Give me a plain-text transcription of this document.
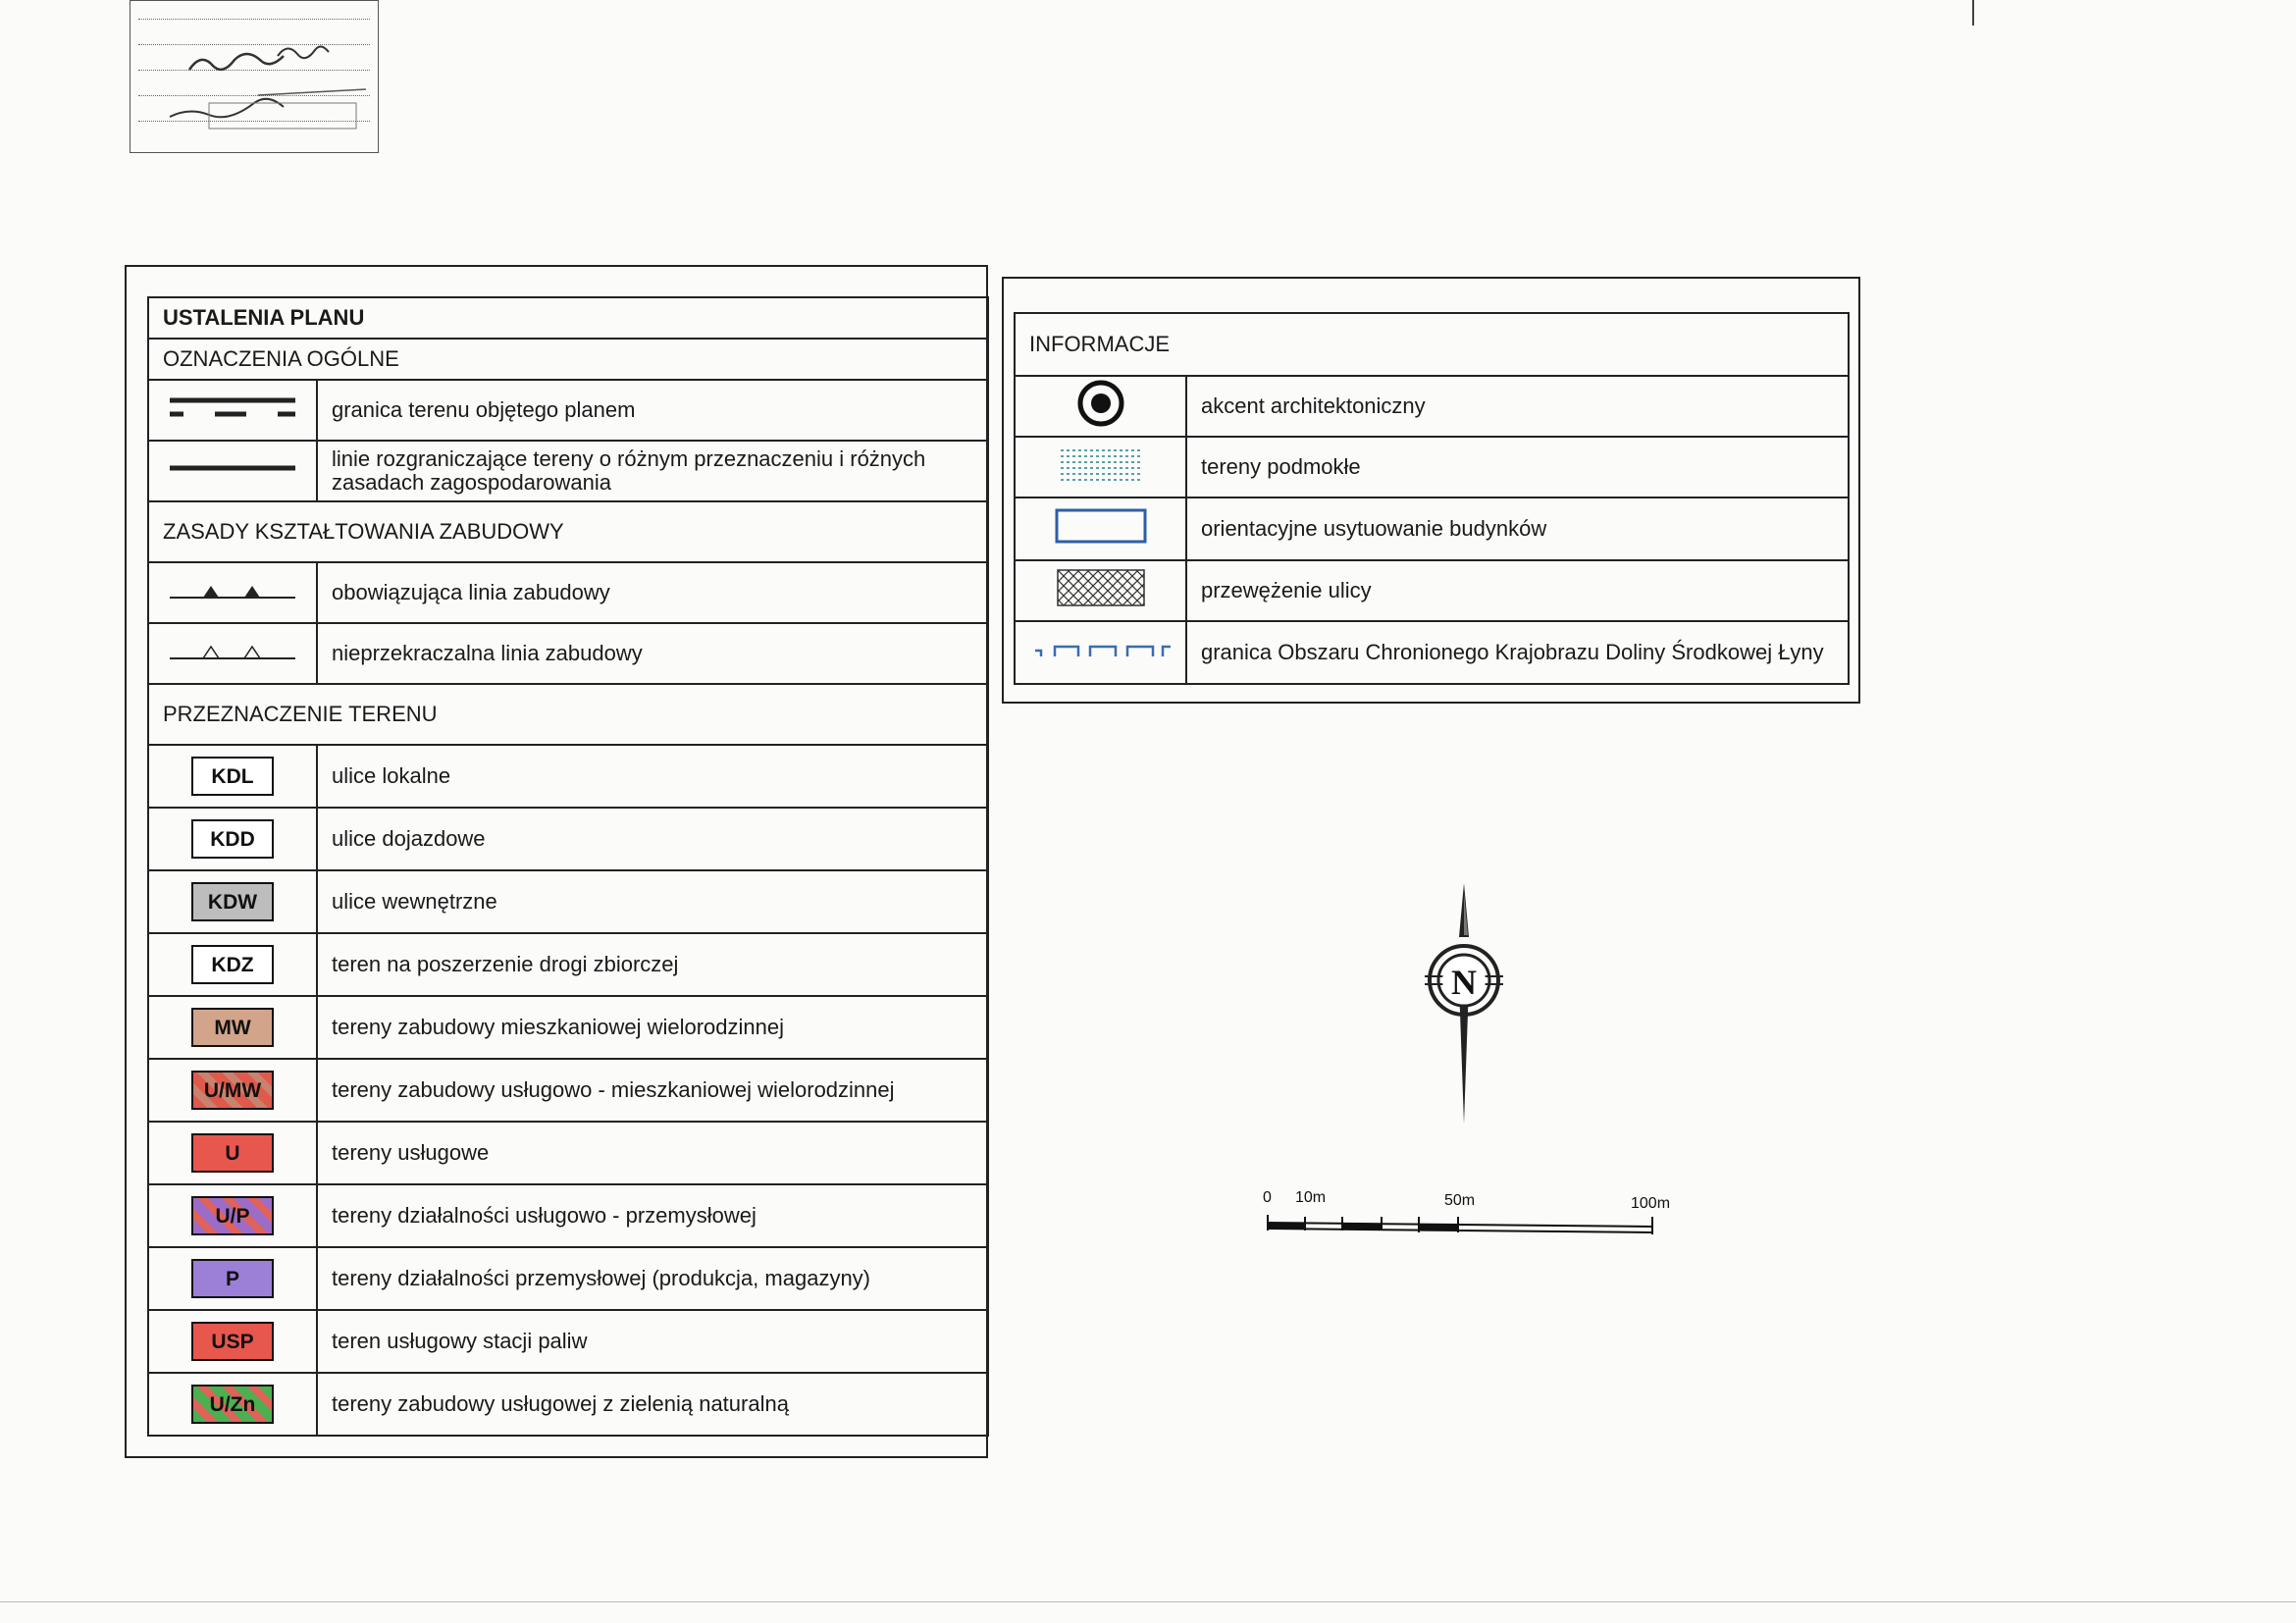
USTALENIA PLANU	
OZNACZENIA OGÓLNE	
	granica terenu objętego planem
	linie rozgraniczające tereny o różnym przeznaczeniu i różnych zasadach zagospodarowania
ZASADY KSZTAŁTOWANIA ZABUDOWY	
	obowiązująca linia zabudowy
	nieprzekraczalna linia zabudowy
PRZEZNACZENIE TERENU	
KDL	ulice lokalne
KDD	ulice dojazdowe
KDW	ulice wewnętrzne
KDZ	teren na poszerzenie drogi zbiorczej
MW	tereny zabudowy mieszkaniowej wielorodzinnej
U/MW	tereny zabudowy usługowo - mieszkaniowej wielorodzinnej
U	tereny usługowe
U/P	tereny działalności usługowo - przemysłowej
P	tereny działalności przemysłowej (produkcja, magazyny)
USP	teren usługowy stacji paliw
U/Zn	tereny zabudowy usługowej z zielenią naturalną
INFORMACJE	
	akcent architektoniczny
	tereny podmokłe
	orientacyjne usytuowanie budynków
	przewężenie ulicy
	granica Obszaru Chronionego Krajobrazu Doliny Środkowej Łyny
N
0 10m	50m	100m
